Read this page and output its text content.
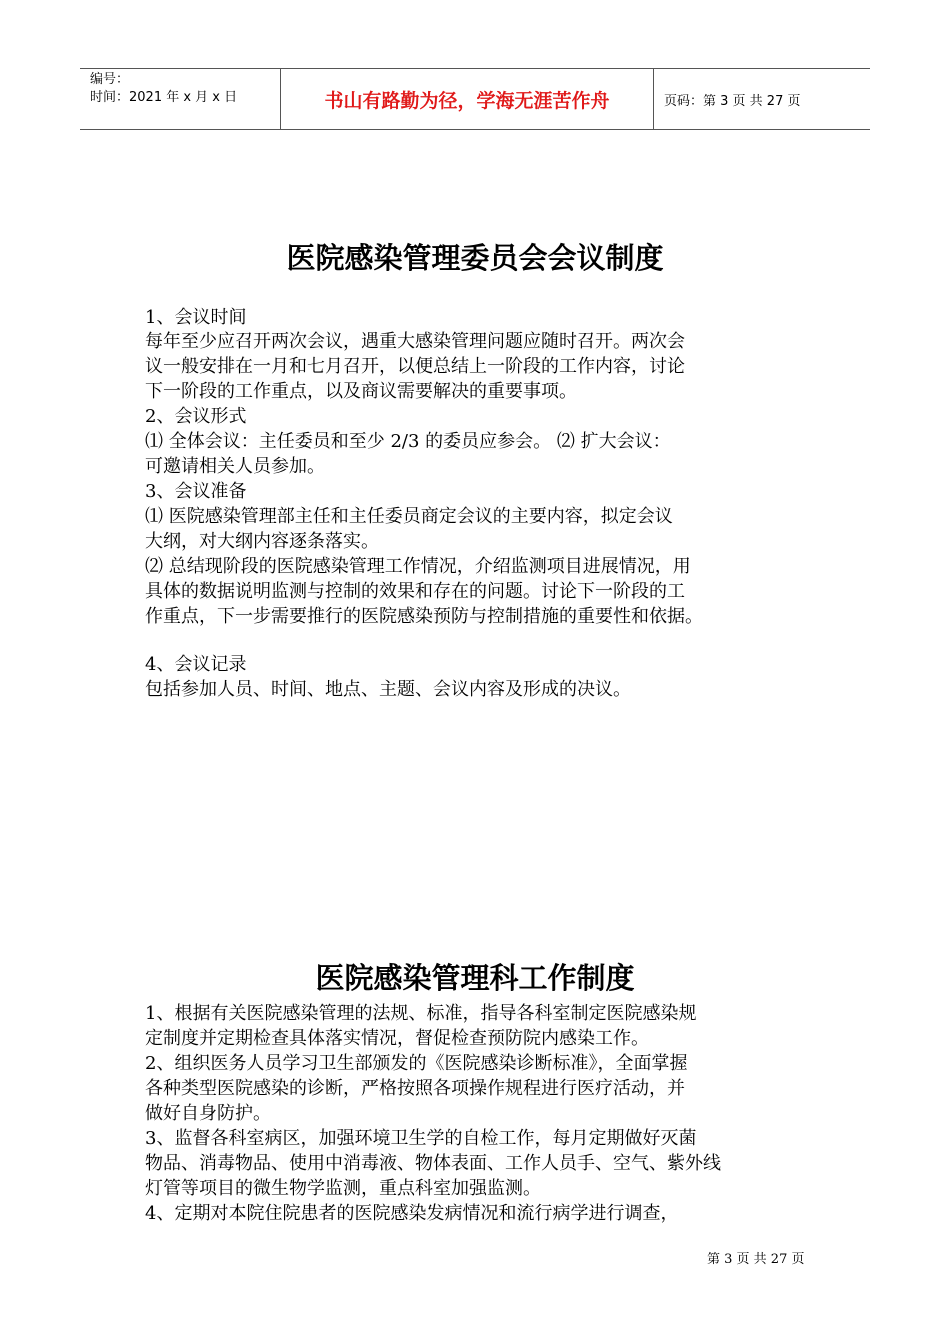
编号：
时间：2021 年 x 月 x 日	书山有路勤为径，学海无涯苦作舟	页码：第 3 页 共 27 页
医院感染管理委员会会议制度
1、会议时间
每年至少应召开两次会议，遇重大感染管理问题应随时召开。两次会
议一般安排在一月和七月召开，以便总结上一阶段的工作内容，讨论
下一阶段的工作重点，以及商议需要解决的重要事项。
2、会议形式
⑴ 全体会议：主任委员和至少 2/3 的委员应参会。 ⑵ 扩大会议：
可邀请相关人员参加。
3、会议准备
⑴ 医院感染管理部主任和主任委员商定会议的主要内容，拟定会议
大纲，对大纲内容逐条落实。
⑵ 总结现阶段的医院感染管理工作情况，介绍监测项目进展情况，用
具体的数据说明监测与控制的效果和存在的问题。讨论下一阶段的工
作重点，下一步需要推行的医院感染预防与控制措施的重要性和依据。
4、会议记录
包括参加人员、时间、地点、主题、会议内容及形成的决议。
医院感染管理科工作制度
1、根据有关医院感染管理的法规、标准，指导各科室制定医院感染规
定制度并定期检查具体落实情况，督促检查预防院内感染工作。
2、组织医务人员学习卫生部颁发的《医院感染诊断标准》，全面掌握
各种类型医院感染的诊断，严格按照各项操作规程进行医疗活动，并
做好自身防护。
3、监督各科室病区，加强环境卫生学的自检工作，每月定期做好灭菌
物品、消毒物品、使用中消毒液、物体表面、工作人员手、空气、紫外线
灯管等项目的微生物学监测，重点科室加强监测。
4、定期对本院住院患者的医院感染发病情况和流行病学进行调查，
第 3 页 共 27 页
